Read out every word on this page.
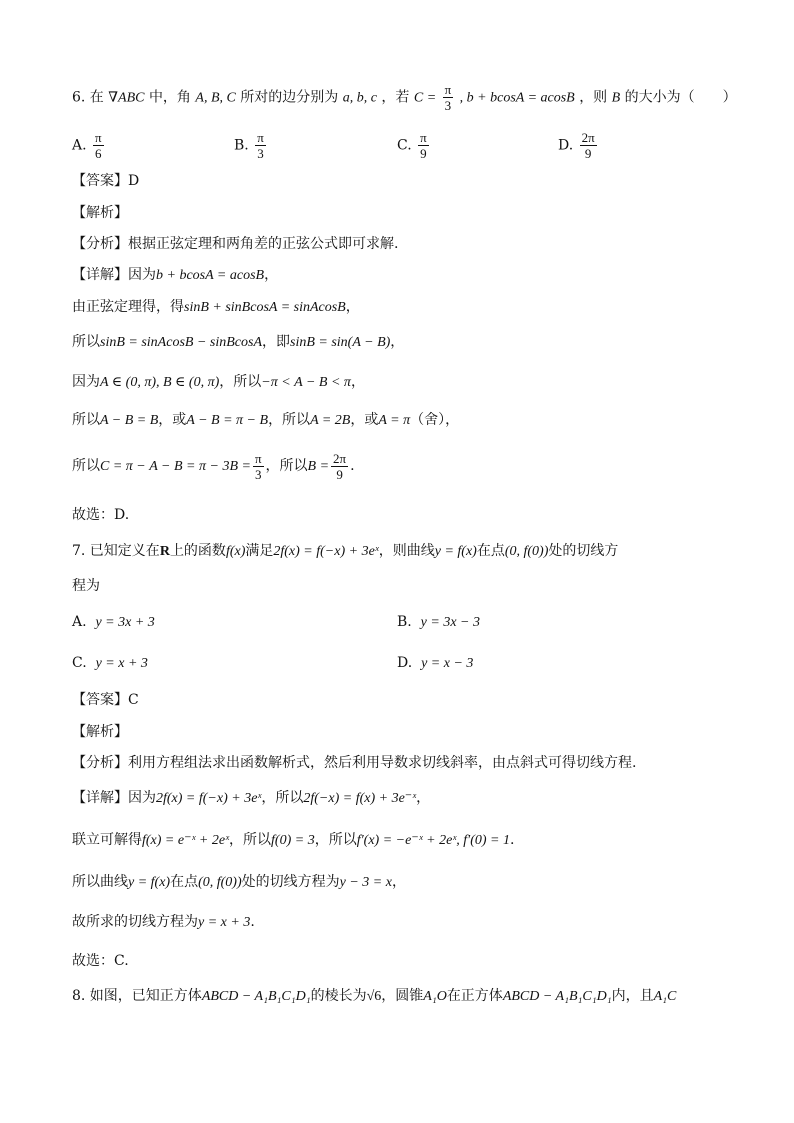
6. 在 ∇ABC 中，角 A, B, C 所对的边分别为 a, b, c ，若 $C = \frac{\pi}{3}$ , b + bcosA = acosB ，则 B 的大小为（　　）
A. $\frac{\pi}{6}$	B. $\frac{\pi}{3}$	C. $\frac{\pi}{9}$	D. $\frac{2\pi}{9}$
【答案】D
【解析】
【分析】根据正弦定理和两角差的正弦公式即可求解.
【详解】因为b + bcosA = acosB，
由正弦定理得，得sinB + sinBcosA = sinAcosB，
所以sinB = sinAcosB − sinBcosA，即sinB = sin(A − B)，
因为A ∈ (0, π), B ∈ (0, π)，所以−π < A − B < π，
所以A − B = B，或A − B = π − B，所以A = 2B，或A = π（舍），
所以$C = \pi - A - B = \pi - 3B = \frac{\pi}{3}$ ，所以$B = \frac{2\pi}{9}$ .
故选：D.
7. 已知定义在R上的函数f(x)满足2f(x) = f(−x) + 3eˣ，则曲线y = f(x)在点(0, f(0))处的切线方
程为
A. y = 3x + 3	B. y = 3x − 3
C. y = x + 3	D. y = x − 3
【答案】C
【解析】
【分析】利用方程组法求出函数解析式，然后利用导数求切线斜率，由点斜式可得切线方程.
【详解】因为2f(x) = f(−x) + 3eˣ，所以2f(−x) = f(x) + 3e⁻ˣ，
联立可解得f(x) = e⁻ˣ + 2eˣ，所以f(0) = 3，所以f′(x) = −e⁻ˣ + 2eˣ, f′(0) = 1.
所以曲线y = f(x)在点(0, f(0))处的切线方程为y − 3 = x，
故所求的切线方程为y = x + 3.
故选：C.
8. 如图，已知正方体ABCD − A₁B₁C₁D₁的棱长为√6，圆锥A₁O在正方体ABCD − A₁B₁C₁D₁内，且A₁C
